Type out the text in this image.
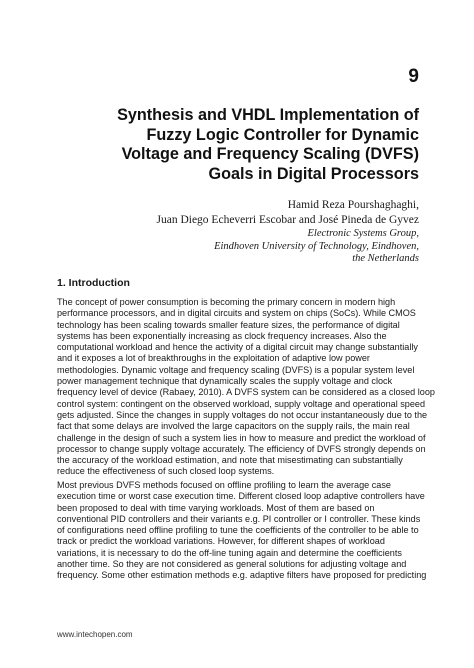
9
Synthesis and VHDL Implementation of
Fuzzy Logic Controller for Dynamic
Voltage and Frequency Scaling (DVFS)
Goals in Digital Processors
Hamid Reza Pourshaghaghi,
Juan Diego Echeverri Escobar and José Pineda de Gyvez
Electronic Systems Group,
Eindhoven University of Technology, Eindhoven,
the Netherlands
1. Introduction
The concept of power consumption is becoming the primary concern in modern high
performance processors, and in digital circuits and system on chips (SoCs). While CMOS
technology has been scaling towards smaller feature sizes, the performance of digital
systems has been exponentially increasing as clock frequency increases. Also the
computational workload and hence the activity of a digital circuit may change substantially
and it exposes a lot of breakthroughs in the exploitation of adaptive low power
methodologies. Dynamic voltage and frequency scaling (DVFS) is a popular system level
power management technique that dynamically scales the supply voltage and clock
frequency level of device (Rabaey, 2010). A DVFS system can be considered as a closed loop
control system: contingent on the observed workload, supply voltage and operational speed
gets adjusted. Since the changes in supply voltages do not occur instantaneously due to the
fact that some delays are involved the large capacitors on the supply rails, the main real
challenge in the design of such a system lies in how to measure and predict the workload of
processor to change supply voltage accurately. The efficiency of DVFS strongly depends on
the accuracy of the workload estimation, and note that misestimating can substantially
reduce the effectiveness of such closed loop systems.
Most previous DVFS methods focused on offline profiling to learn the average case
execution time or worst case execution time. Different closed loop adaptive controllers have
been proposed to deal with time varying workloads. Most of them are based on
conventional PID controllers and their variants e.g. PI controller or I controller. These kinds
of configurations need offline profiling to tune the coefficients of the controller to be able to
track or predict the workload variations. However, for different shapes of workload
variations, it is necessary to do the off-line tuning again and determine the coefficients
another time. So they are not considered as general solutions for adjusting voltage and
frequency. Some other estimation methods e.g. adaptive filters have proposed for predicting
www.intechopen.com
